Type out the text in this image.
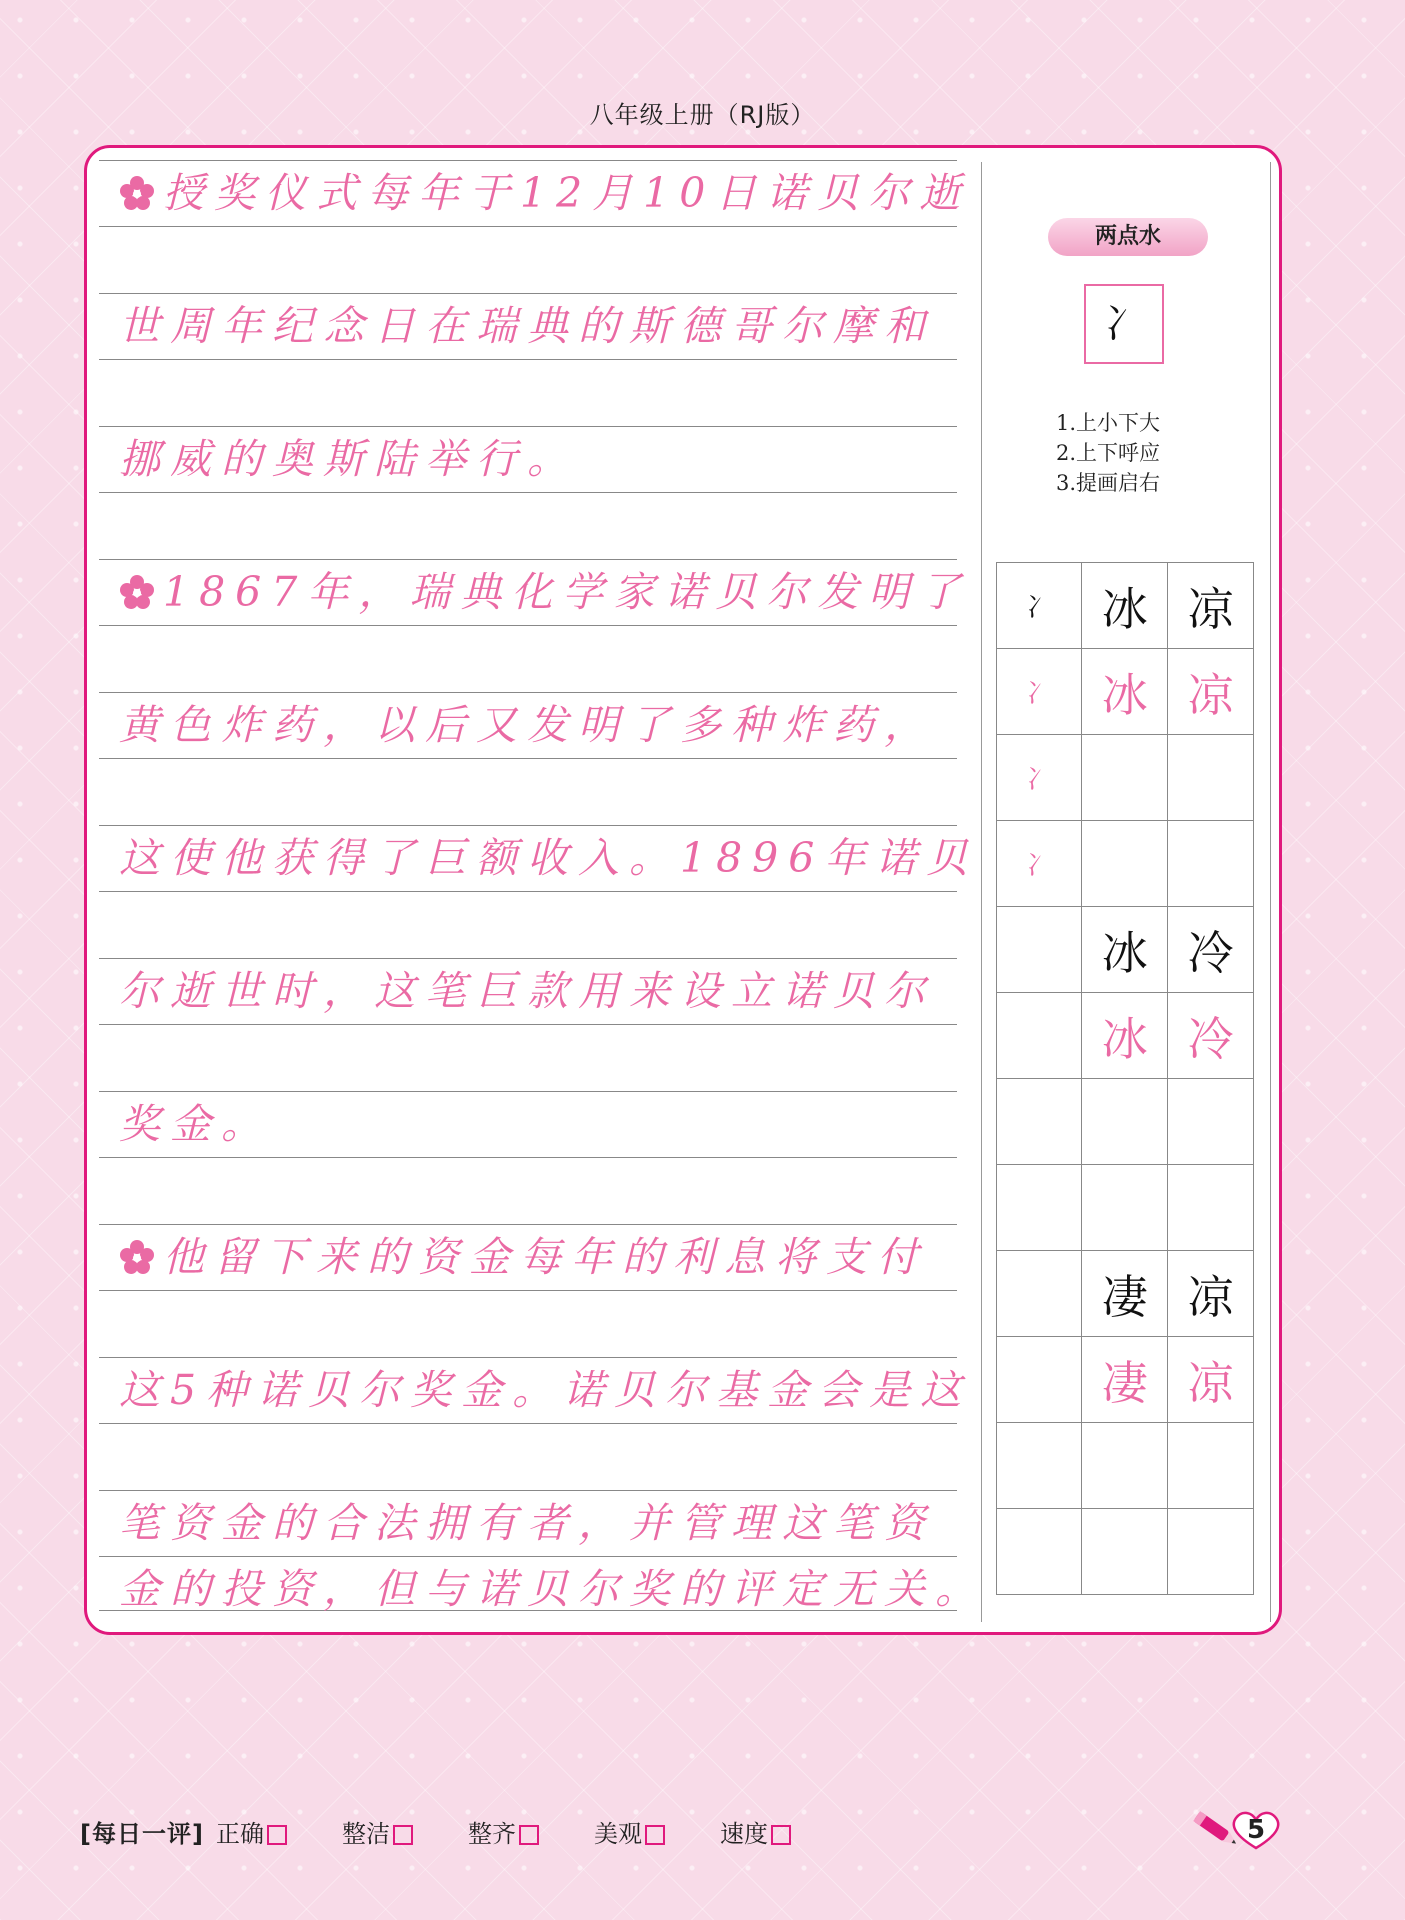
八年级上册（RJ版）
授奖仪式每年于12月10日诺贝尔逝
世周年纪念日在瑞典的斯德哥尔摩和
挪威的奥斯陆举行。
1867年，瑞典化学家诺贝尔发明了
黄色炸药，以后又发明了多种炸药，
这使他获得了巨额收入。1896年诺贝
尔逝世时，这笔巨款用来设立诺贝尔
奖金。
他留下来的资金每年的利息将支付
这5种诺贝尔奖金。诺贝尔基金会是这
笔资金的合法拥有者，并管理这笔资
金的投资，但与诺贝尔奖的评定无关。
两点水
冫
1.上小下大
2.上下呼应
3.提画启右
冫	冰	凉
冫	冰	凉
冫		
冫		
	冰	冷
	冰	冷

	凄	凉
	凄	凉

[每日一评] 正确	整洁	整齐	美观	速度	5
